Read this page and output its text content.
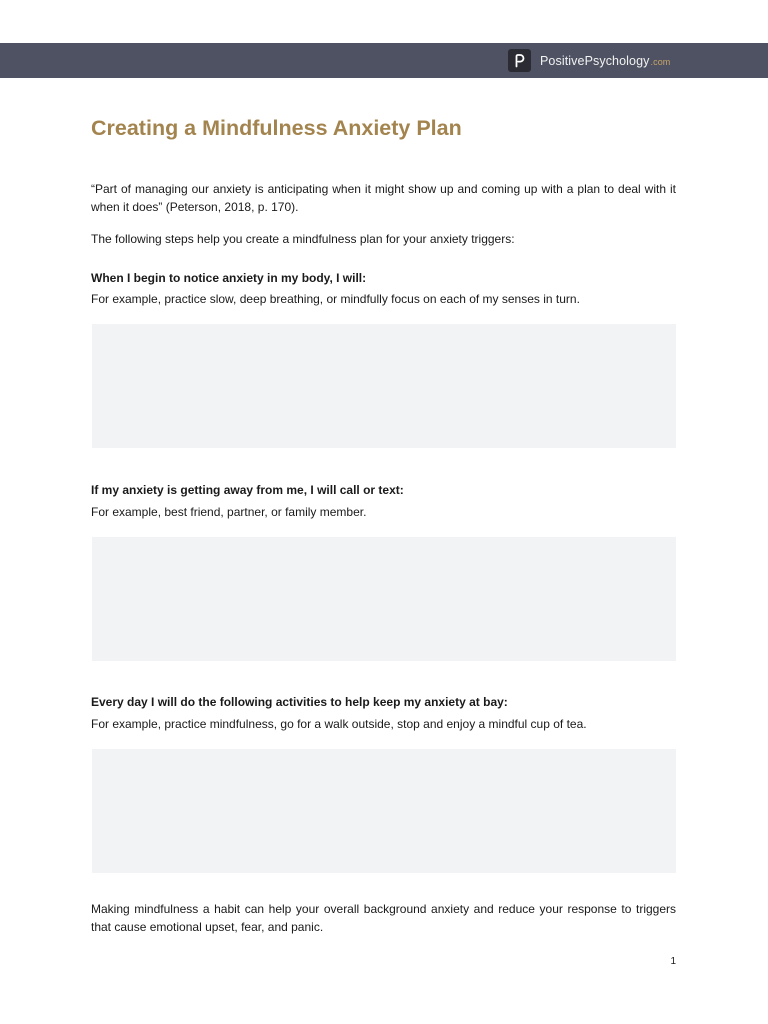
PositivePsychology.com
Creating a Mindfulness Anxiety Plan

“Part of managing our anxiety is anticipating when it might show up and coming up with a plan to deal with it when it does” (Peterson, 2018, p. 170).

The following steps help you create a mindfulness plan for your anxiety triggers:

When I begin to notice anxiety in my body, I will:

For example, practice slow, deep breathing, or mindfully focus on each of my senses in turn.

If my anxiety is getting away from me, I will call or text:

For example, best friend, partner, or family member.

Every day I will do the following activities to help keep my anxiety at bay:

For example, practice mindfulness, go for a walk outside, stop and enjoy a mindful cup of tea.

Making mindfulness a habit can help your overall background anxiety and reduce your response to triggers that cause emotional upset, fear, and panic.

1
